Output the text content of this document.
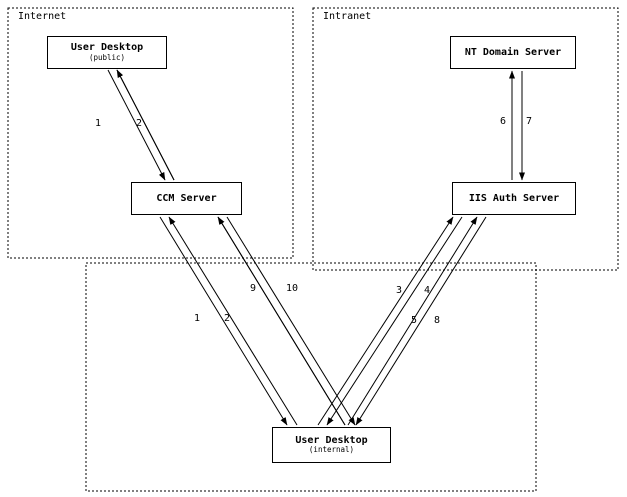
Internet	Intranet
User Desktop
(public)
CCM Server
NT Domain Server
IIS Auth Server
User Desktop
(internal)
1	2	6 7
9	10	3 4
1 2	5 8
